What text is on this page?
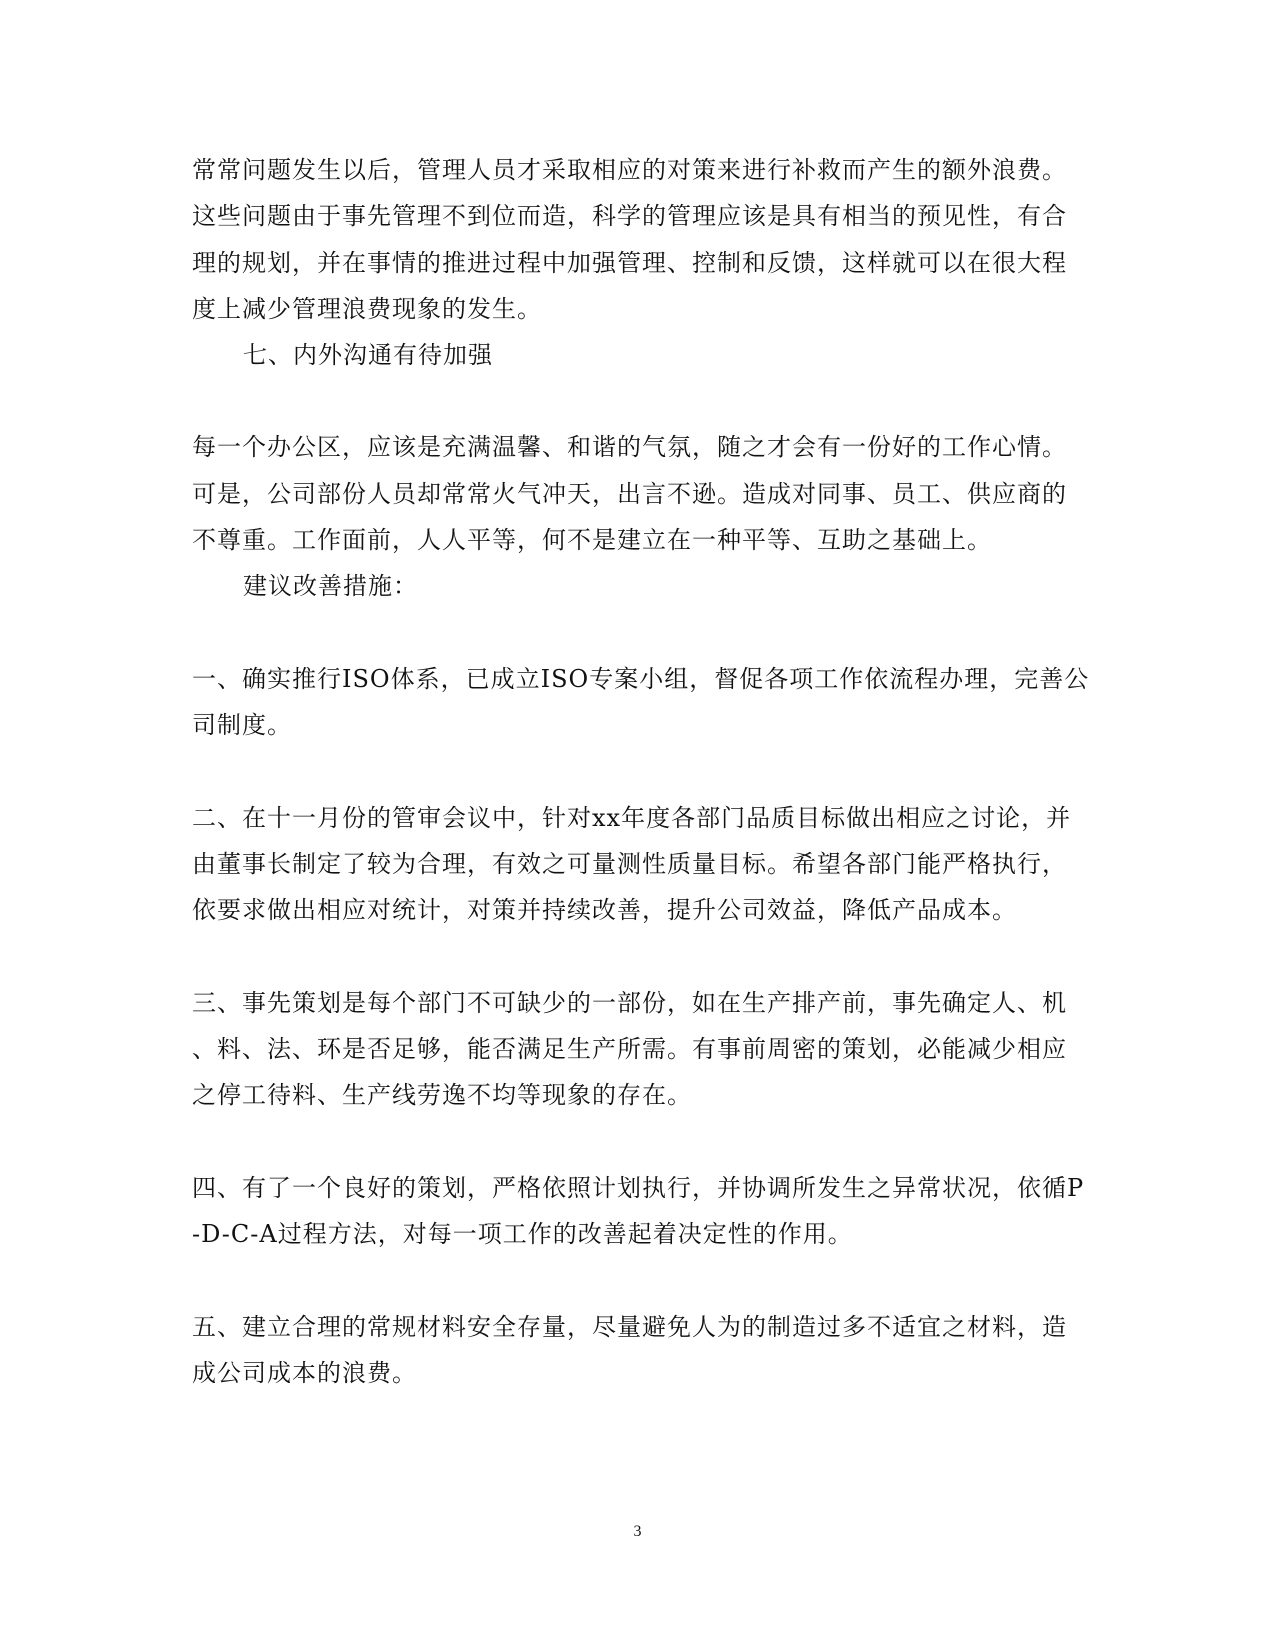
常常问题发生以后，管理人员才采取相应的对策来进行补救而产生的额外浪费。
这些问题由于事先管理不到位而造，科学的管理应该是具有相当的预见性，有合
理的规划，并在事情的推进过程中加强管理、控制和反馈，这样就可以在很大程
度上减少管理浪费现象的发生。
七、内外沟通有待加强
每一个办公区，应该是充满温馨、和谐的气氛，随之才会有一份好的工作心情。
可是，公司部份人员却常常火气冲天，出言不逊。造成对同事、员工、供应商的
不尊重。工作面前，人人平等，何不是建立在一种平等、互助之基础上。
建议改善措施：
一、确实推行ISO体系，已成立ISO专案小组，督促各项工作依流程办理，完善公
司制度。
二、在十一月份的管审会议中，针对xx年度各部门品质目标做出相应之讨论，并
由董事长制定了较为合理，有效之可量测性质量目标。希望各部门能严格执行，
依要求做出相应对统计，对策并持续改善，提升公司效益，降低产品成本。
三、事先策划是每个部门不可缺少的一部份，如在生产排产前，事先确定人、机
、料、法、环是否足够，能否满足生产所需。有事前周密的策划，必能减少相应
之停工待料、生产线劳逸不均等现象的存在。
四、有了一个良好的策划，严格依照计划执行，并协调所发生之异常状况，依循P
-D-C-A过程方法，对每一项工作的改善起着决定性的作用。
五、建立合理的常规材料安全存量，尽量避免人为的制造过多不适宜之材料，造
成公司成本的浪费。
3
